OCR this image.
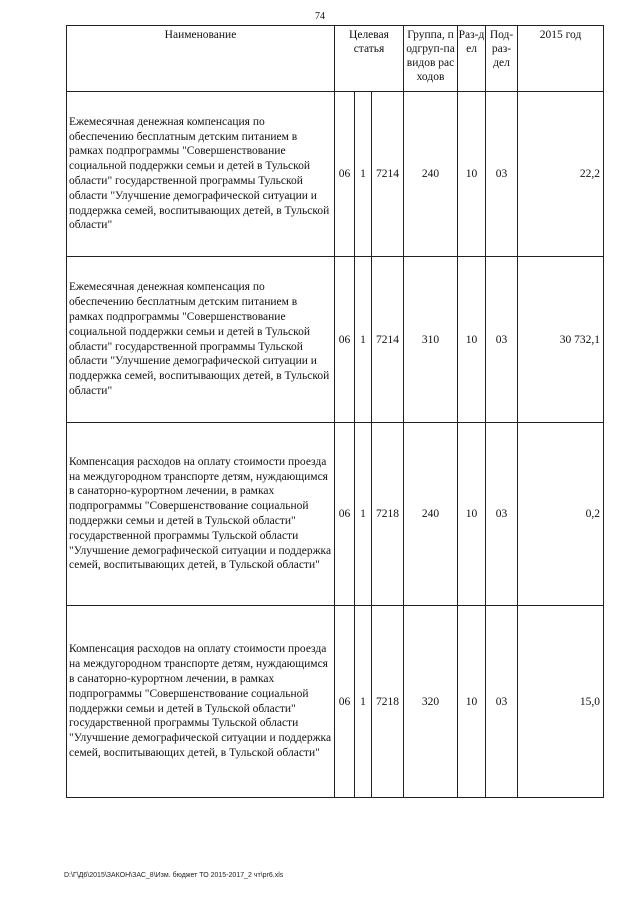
74
Наименование	Целевая статья			Группа, подгруп-па видов расходов	Раз-дел	Под-раз-дел	2015 год
Ежемесячная денежная компенсация по обеспечению бесплатным детским питанием в рамках подпрограммы "Совершенствование социальной поддержки семьи и детей в Тульской области" государственной программы Тульской области "Улучшение демографической ситуации и поддержка семей, воспитывающих детей, в Тульской области"	06	1	7214	240	10	03	22,2
Ежемесячная денежная компенсация по обеспечению бесплатным детским питанием в рамках подпрограммы "Совершенствование социальной поддержки семьи и детей в Тульской области" государственной программы Тульской области "Улучшение демографической ситуации и поддержка семей, воспитывающих детей, в Тульской области"	06	1	7214	310	10	03	30 732,1
Компенсация расходов на оплату стоимости проезда на междугородном транспорте детям, нуждающимся в санаторно-курортном лечении, в рамках подпрограммы "Совершенствование социальной поддержки семьи и детей в Тульской области" государственной программы Тульской области "Улучшение демографической ситуации и поддержка семей, воспитывающих детей, в Тульской области"	06	1	7218	240	10	03	0,2
Компенсация расходов на оплату стоимости проезда на междугородном транспорте детям, нуждающимся в санаторно-курортном лечении, в рамках подпрограммы "Совершенствование социальной поддержки семьи и детей в Тульской области" государственной программы Тульской области "Улучшение демографической ситуации и поддержка семей, воспитывающих детей, в Тульской области"	06	1	7218	320	10	03	15,0
D:\Г\Д6\2015\ЗАКОН\ЗАС_8\Изм. бюджет ТО 2015-2017_2 чт\pr6.xls
